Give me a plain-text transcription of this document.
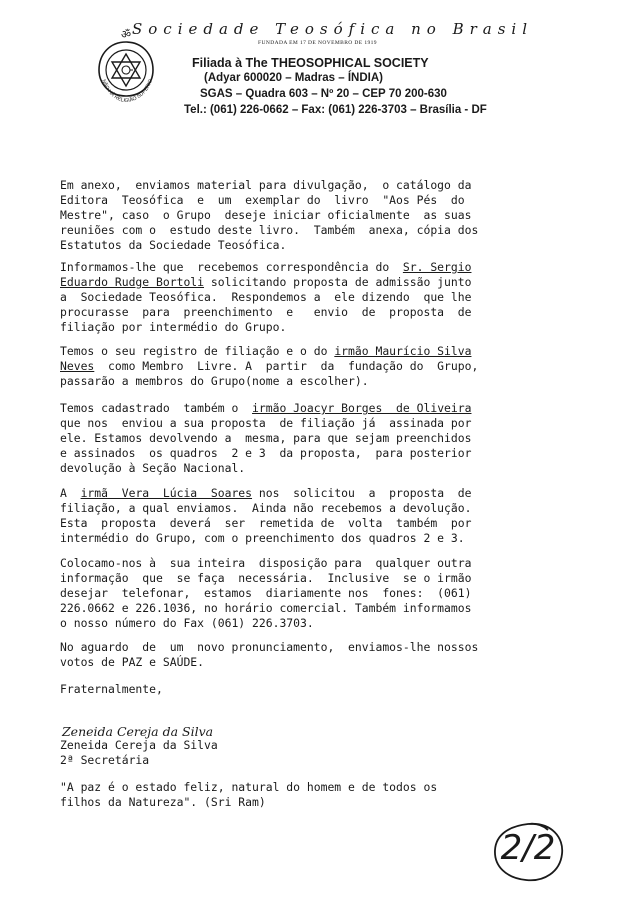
ॐ
NÃO HÁ RELIGIÃO SUPERIO
Sociedade Teosófica no Brasil
FUNDADA EM 17 DE NOVEMBRO DE 1919
Filiada à The THEOSOPHICAL SOCIETY
(Adyar 600020 – Madras – ÍNDIA)
SGAS – Quadra 603 – Nº 20 – CEP 70 200-630
Tel.: (061) 226-0662 – Fax: (061) 226-3703 – Brasília - DF
Em anexo,  enviamos material para divulgação,  o catálogo da
Editora  Teosófica  e  um  exemplar do  livro  "Aos Pés  do
Mestre", caso  o Grupo  deseje iniciar oficialmente  as suas
reuniões com o  estudo deste livro.  Também  anexa, cópia dos
Estatutos da Sociedade Teosófica.
Informamos-lhe que  recebemos correspondência do  Sr. Sergio
Eduardo Rudge Bortoli solicitando proposta de admissão junto
a  Sociedade Teosófica.  Respondemos a  ele dizendo  que lhe
procurasse  para  preenchimento  e   envio  de  proposta  de
filiação por intermédio do Grupo.
Temos o seu registro de filiação e o do irmão Maurício Silva
Neves  como Membro  Livre. A  partir  da  fundação do  Grupo,
passarão a membros do Grupo(nome a escolher).
Temos cadastrado  também o  irmão Joacyr Borges  de Oliveira
que nos  enviou a sua proposta  de filiação já  assinada por
ele. Estamos devolvendo a  mesma, para que sejam preenchidos
e assinados  os quadros  2 e 3  da proposta,  para posterior
devolução à Seção Nacional.
A  irmã  Vera  Lúcia  Soares nos  solicitou  a  proposta  de
filiação, a qual enviamos.  Ainda não recebemos a devolução.
Esta  proposta  deverá  ser  remetida de  volta  também  por
intermédio do Grupo, com o preenchimento dos quadros 2 e 3.
Colocamo-nos à  sua inteira  disposição para  qualquer outra
informação  que  se faça  necessária.  Inclusive  se o irmão
desejar  telefonar,  estamos  diariamente nos  fones:  (061)
226.0662 e 226.1036, no horário comercial. Também informamos
o nosso número do Fax (061) 226.3703.
No aguardo  de  um  novo pronunciamento,  enviamos-lhe nossos
votos de PAZ e SAÚDE.
Fraternalmente,
Zeneida Cereja da Silva
Zeneida Cereja da Silva
2ª Secretária
"A paz é o estado feliz, natural do homem e de todos os
filhos da Natureza". (Sri Ram)
2/2
